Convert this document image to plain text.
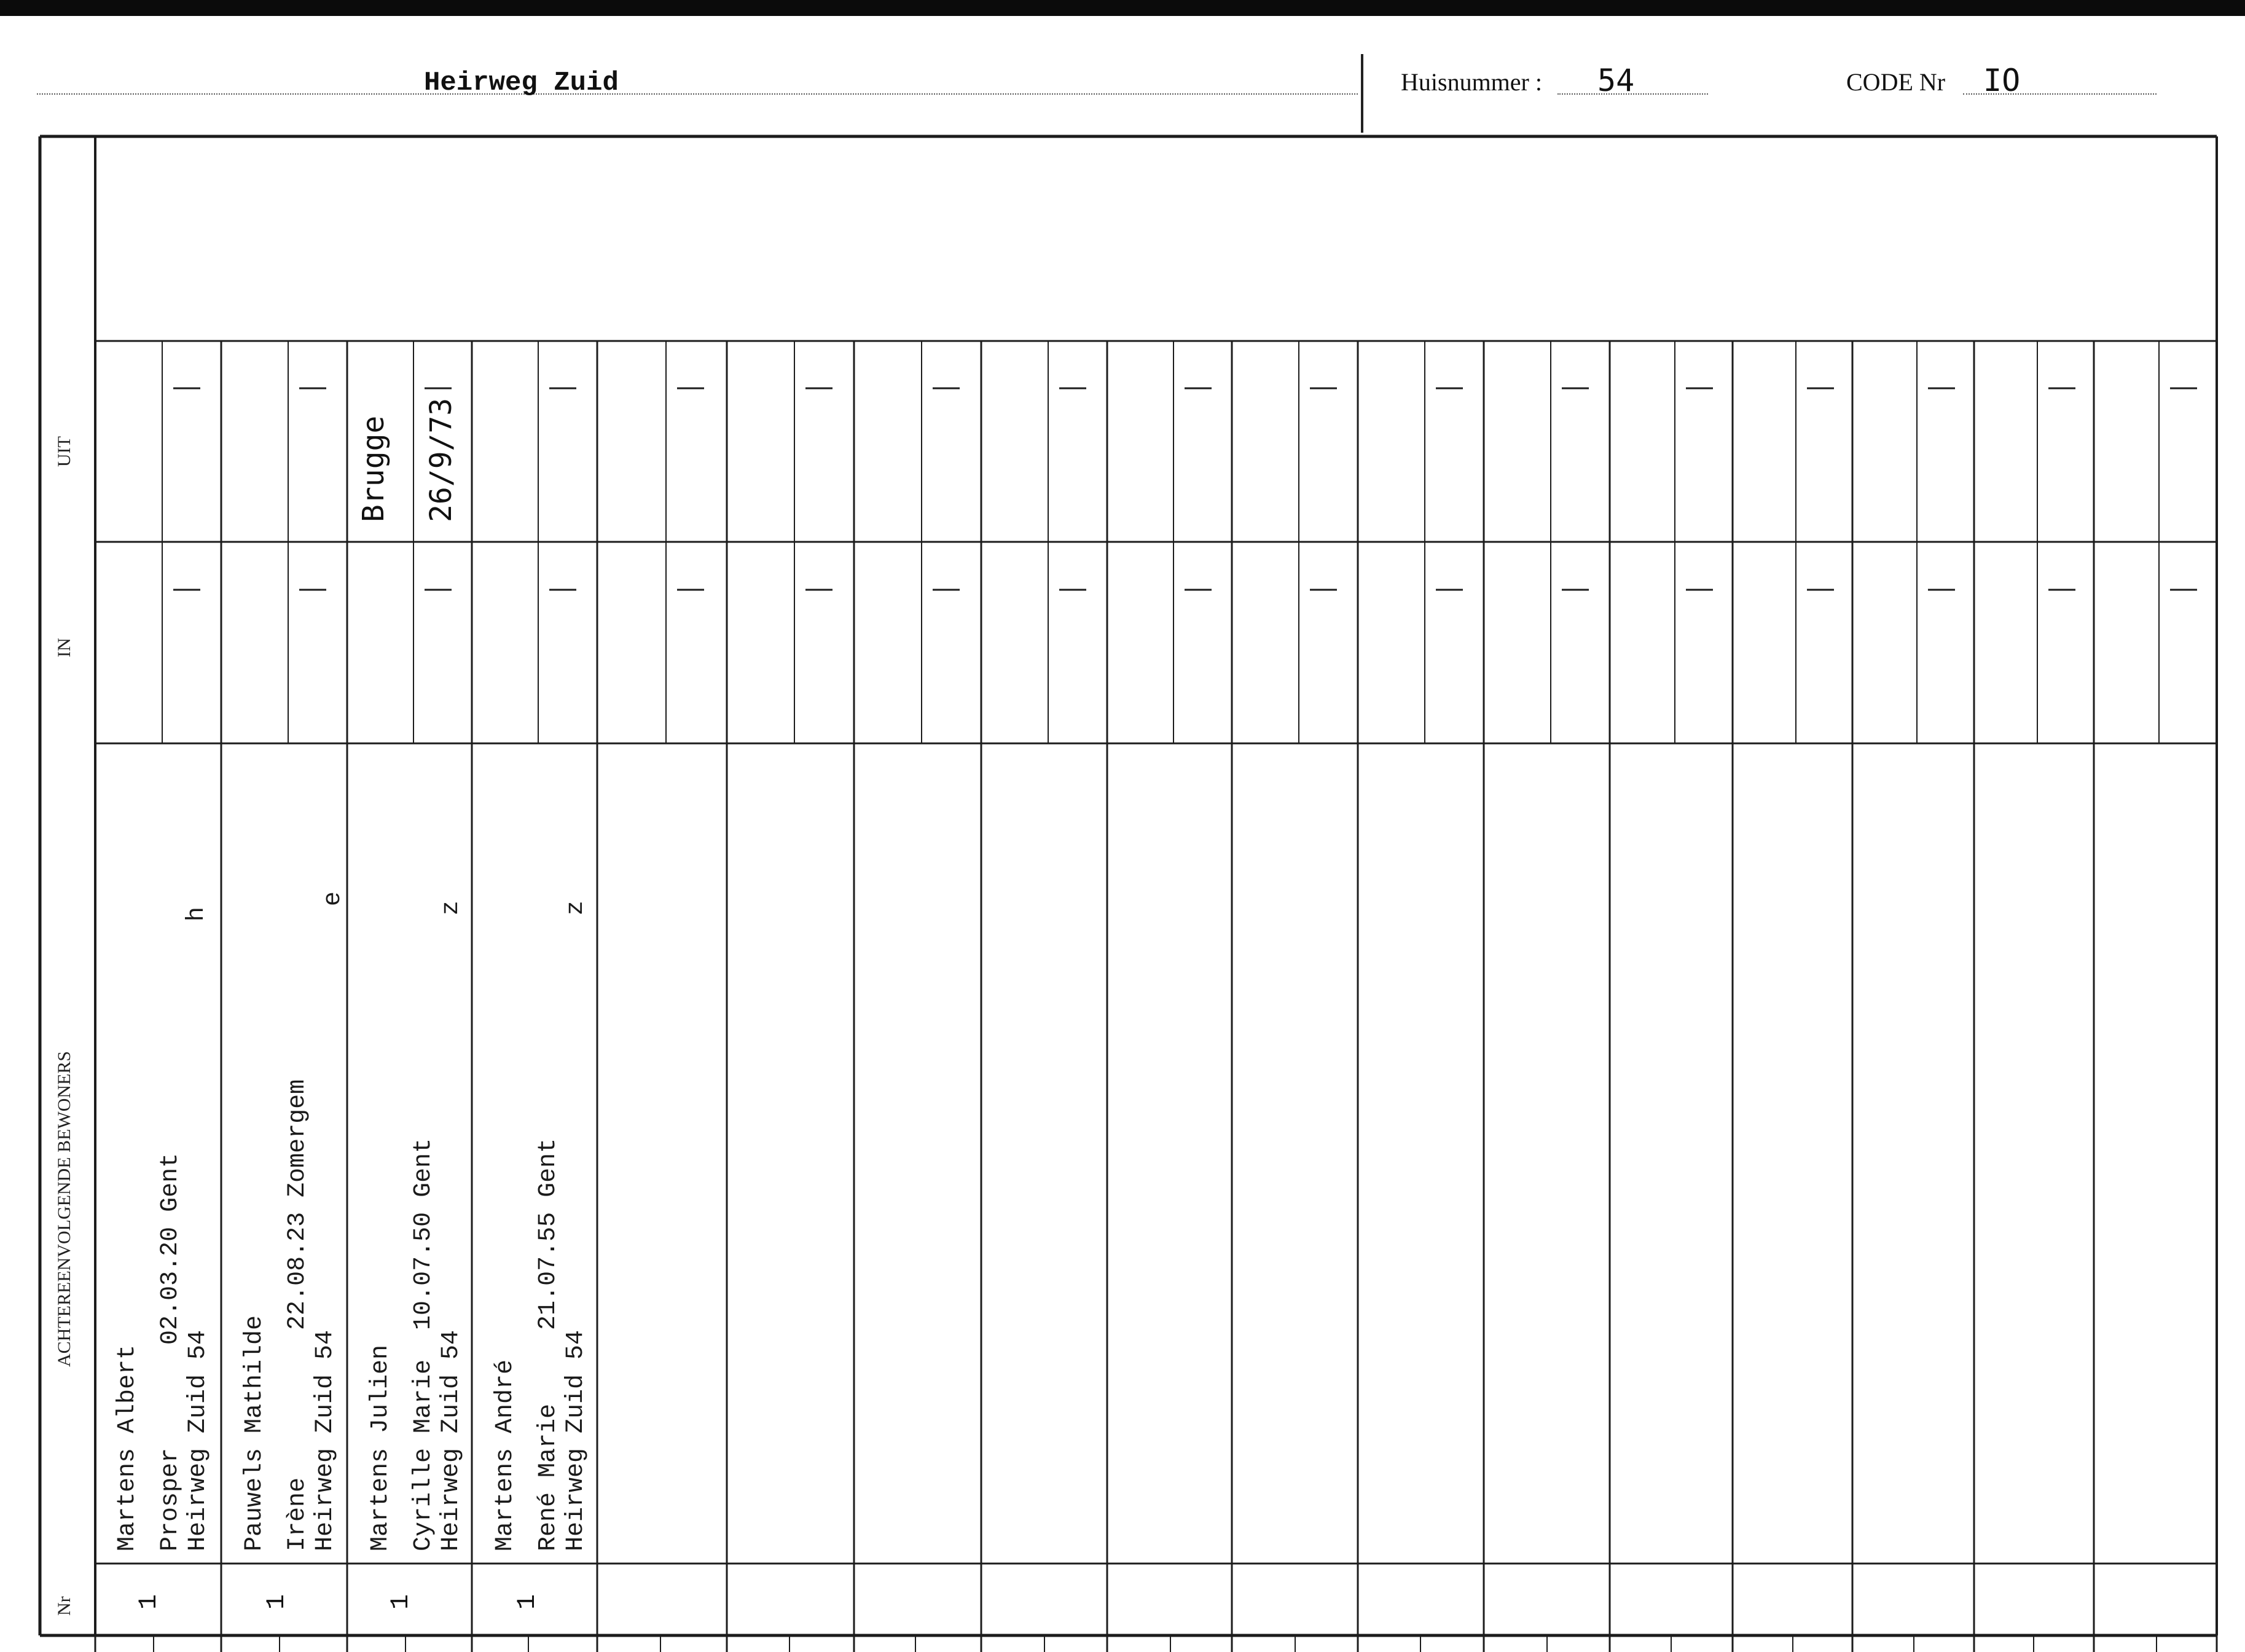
Heirweg Zuid	Huisnummer : 54	CODE Nr IO
UIT
IN
ACHTEREENVOLGENDE BEWONERS
Nr
Martens Albert Prosper       02.03.20 Gent Heirweg Zuid 54
h
1
Pauwels Mathilde Irène          22.08.23 Zomergem Heirweg Zuid 54
e
1
Martens Julien Cyrille Marie  10.07.50 Gent Heirweg Zuid 54
z
1
Brugge 26/9/73
Martens André René Marie     21.07.55 Gent Heirweg Zuid 54
z
1
